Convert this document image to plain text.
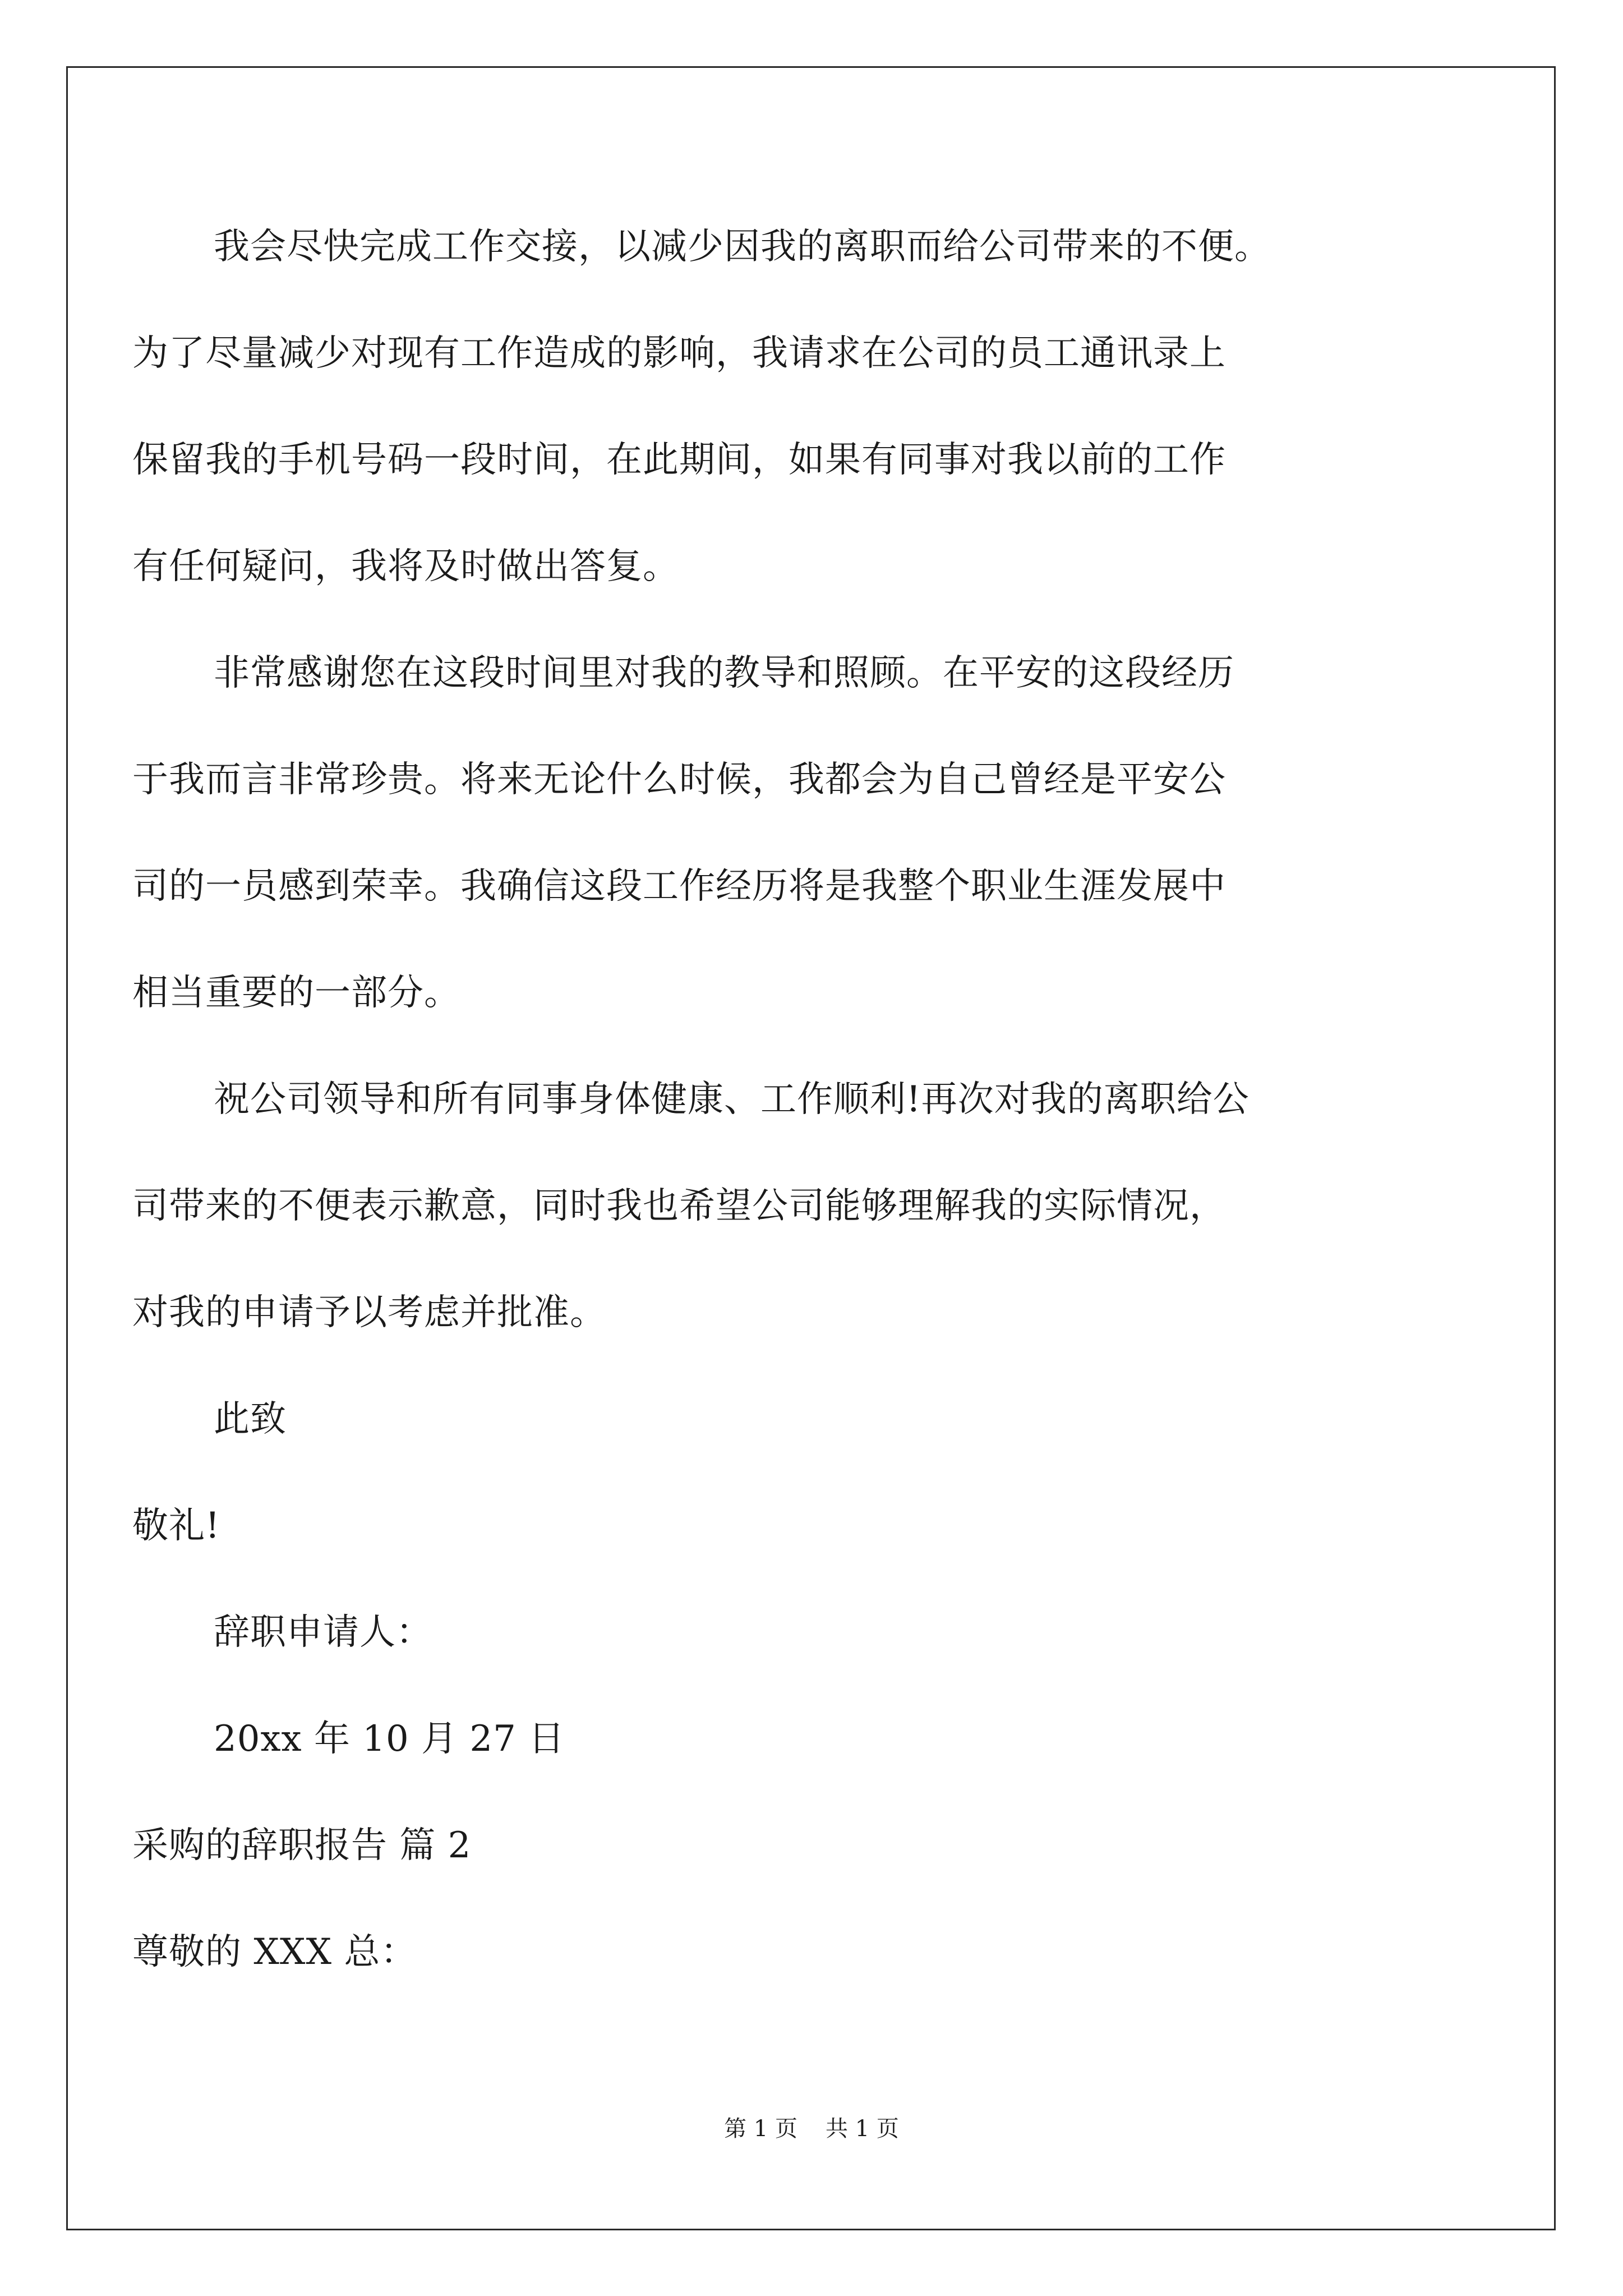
我会尽快完成工作交接，以减少因我的离职而给公司带来的不便。
为了尽量减少对现有工作造成的影响，我请求在公司的员工通讯录上
保留我的手机号码一段时间，在此期间，如果有同事对我以前的工作
有任何疑问，我将及时做出答复。
非常感谢您在这段时间里对我的教导和照顾。在平安的这段经历
于我而言非常珍贵。将来无论什么时候，我都会为自己曾经是平安公
司的一员感到荣幸。我确信这段工作经历将是我整个职业生涯发展中
相当重要的一部分。
祝公司领导和所有同事身体健康、工作顺利!再次对我的离职给公
司带来的不便表示歉意，同时我也希望公司能够理解我的实际情况，
对我的申请予以考虑并批准。
此致
敬礼!
辞职申请人：
20xx 年 10 月 27 日
采购的辞职报告 篇 2
尊敬的 XXX 总：
第 1 页 共 1 页
